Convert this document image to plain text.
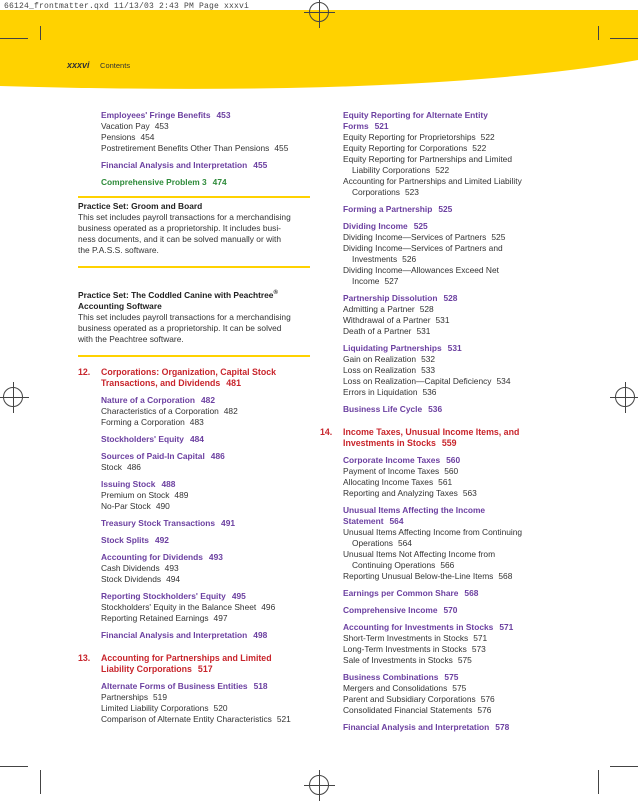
66124_frontmatter.qxd 11/13/03 2:43 PM Page xxxvi
xxxvi Contents
Employees' Fringe Benefits 453
Vacation Pay 453
Pensions 454
Postretirement Benefits Other Than Pensions 455
Financial Analysis and Interpretation 455
Comprehensive Problem 3 474
Practice Set: Groom and Board
This set includes payroll transactions for a merchandising
business operated as a proprietorship. It includes busi-
ness documents, and it can be solved manually or with
the P.A.S.S. software.
Practice Set: The Coddled Canine with Peachtree®
Accounting Software
This set includes payroll transactions for a merchandising
business operated as a proprietorship. It can be solved
with the Peachtree software.
12. Corporations: Organization, Capital Stock
Transactions, and Dividends 481
Nature of a Corporation 482
Characteristics of a Corporation 482
Forming a Corporation 483
Stockholders' Equity 484
Sources of Paid-In Capital 486
Stock 486
Issuing Stock 488
Premium on Stock 489
No-Par Stock 490
Treasury Stock Transactions 491
Stock Splits 492
Accounting for Dividends 493
Cash Dividends 493
Stock Dividends 494
Reporting Stockholders' Equity 495
Stockholders' Equity in the Balance Sheet 496
Reporting Retained Earnings 497
Financial Analysis and Interpretation 498
13. Accounting for Partnerships and Limited
Liability Corporations 517
Alternate Forms of Business Entities 518
Partnerships 519
Limited Liability Corporations 520
Comparison of Alternate Entity Characteristics 521
Equity Reporting for Alternate Entity
Forms 521
Equity Reporting for Proprietorships 522
Equity Reporting for Corporations 522
Equity Reporting for Partnerships and Limited
Liability Corporations 522
Accounting for Partnerships and Limited Liability
Corporations 523
Forming a Partnership 525
Dividing Income 525
Dividing Income—Services of Partners 525
Dividing Income—Services of Partners and
Investments 526
Dividing Income—Allowances Exceed Net
Income 527
Partnership Dissolution 528
Admitting a Partner 528
Withdrawal of a Partner 531
Death of a Partner 531
Liquidating Partnerships 531
Gain on Realization 532
Loss on Realization 533
Loss on Realization—Capital Deficiency 534
Errors in Liquidation 536
Business Life Cycle 536
14. Income Taxes, Unusual Income Items, and
Investments in Stocks 559
Corporate Income Taxes 560
Payment of Income Taxes 560
Allocating Income Taxes 561
Reporting and Analyzing Taxes 563
Unusual Items Affecting the Income
Statement 564
Unusual Items Affecting Income from Continuing
Operations 564
Unusual Items Not Affecting Income from
Continuing Operations 566
Reporting Unusual Below-the-Line Items 568
Earnings per Common Share 568
Comprehensive Income 570
Accounting for Investments in Stocks 571
Short-Term Investments in Stocks 571
Long-Term Investments in Stocks 573
Sale of Investments in Stocks 575
Business Combinations 575
Mergers and Consolidations 575
Parent and Subsidiary Corporations 576
Consolidated Financial Statements 576
Financial Analysis and Interpretation 578
